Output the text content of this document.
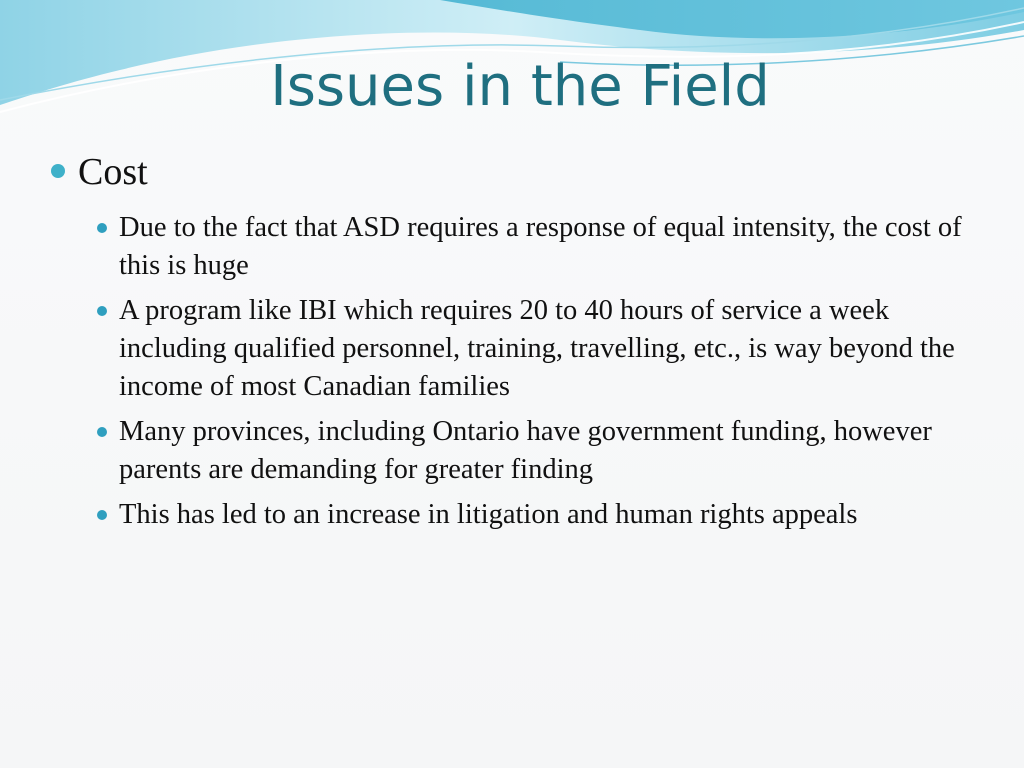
Issues in the Field
Cost
Due to the fact that ASD requires a response of equal intensity, the cost of this is huge
A program like IBI which requires 20 to 40 hours of service a week including qualified personnel, training, travelling, etc., is way beyond the income of most Canadian families
Many provinces, including Ontario have government funding, however parents are demanding for greater finding
This has led to an increase in litigation and human rights appeals
